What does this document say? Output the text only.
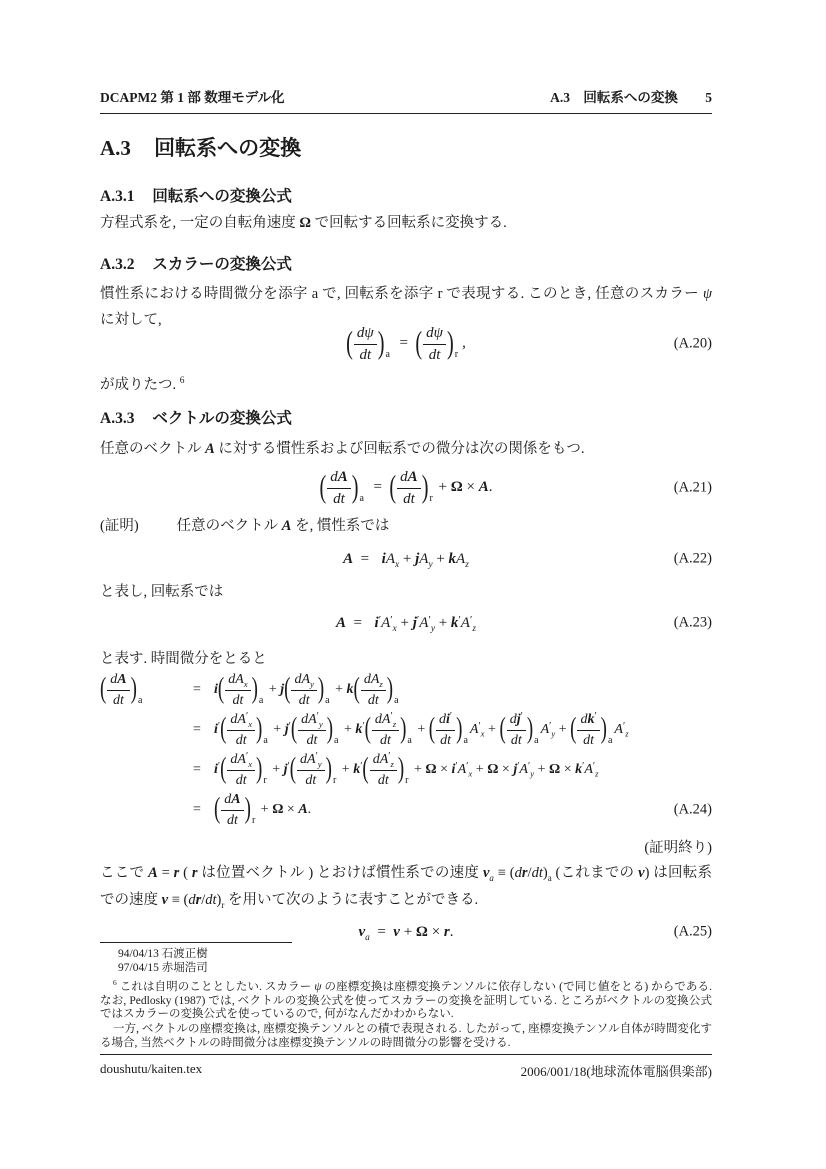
DCAPM2 第 1 部 数理モデル化	A.3 回転系への変換 5
A.3 回転系への変換
A.3.1 回転系への変換公式
方程式系を, 一定の自転角速度 Ω で回転する回転系に変換する.
A.3.2 スカラーの変換公式
慣性系における時間微分を添字 a で, 回転系を添字 r で表現する. このとき, 任意のスカラー ψ に対して,
( $\frac{d\psi}{dt} )_a=$ ( $\frac{d\psi}{dt} )_r$,	(A.20)
が成りたつ. $^6$
A.3.3 ベクトルの変換公式
任意のベクトル A に対する慣性系および回転系での微分は次の関係をもつ.
( $\frac{dA}{dt} )_a=$ ( $\frac{dA}{dt} )_r + \Omega \times A$.	(A.21)
(証明)	任意のベクトル A を, 慣性系では
A =  $iA_x + jA_y + kA_z$	(A.22)
と表し, 回転系では
A =  $i'A'_x + j'A'_y + k'A'_z$	(A.23)
と表す. 時間微分をとると
( $\frac{dA}{dt} )_a$
= i( $dA_x$
dt )$_a + j$( $dA_y$
dt )$_a + k$( $dA_z$
dt )$_a$
= $i'( \frac{dA'_x}{dt} )_a + j'( \frac{dA'_y}{dt} )_a + k'( \frac{dA'_z}{dt} )_a$ + ( $\frac{di'}{dt} )_aA'_x$ + ( $\frac{dj'}{dt} )_aA'_y$ + ( $\frac{dk'}{dt} )_aA'_z$
= $i'( \frac{dA'_x}{dt} )_r + j'( \frac{dA'_y}{dt} )_r + k'( \frac{dA'_z}{dt} )_r + \Omega \times i'A'_x + \Omega \times j'A'_y + \Omega \times k'A'_z$
= ( $\frac{dA}{dt} )_r + \Omega \times A$.	(A.24)
(証明終り)
ここで A = r ( r は位置ベクトル ) とおけば慣性系での速度 $v_a \equiv (dr/dt)_a$ (これまでの v) は回転系での速度 $v \equiv (dr/dt)_r$ を用いて次のように表すことができる.
$v_a = v + \Omega \times r$.	(A.25)
94/04/13 石渡正樹
97/04/15 赤堀浩司
$^6$ これは自明のこととしたい. スカラー ψ の座標変換は座標変換テンソルに依存しない (で同じ値をとる) からである. なお, Pedlosky (1987) では, ベクトルの変換公式を使ってスカラーの変換を証明している. ところがベクトルの変換公式ではスカラーの変換公式を使っているので, 何がなんだかわからない.
一方, ベクトルの座標変換は, 座標変換テンソルとの積で表現される. したがって, 座標変換テンソル自体が時間変化する場合, 当然ベクトルの時間微分は座標変換テンソルの時間微分の影響を受ける.
doushutu/kaiten.tex	2006/001/18(地球流体電脳倶楽部)
